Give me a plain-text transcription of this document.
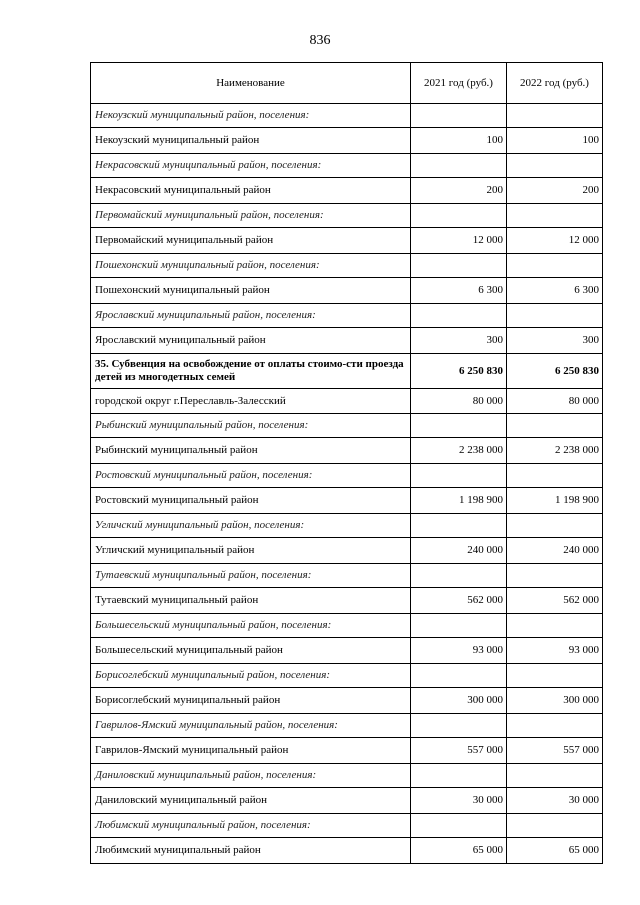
836
Наименование	2021 год (руб.)	2022 год (руб.)
Некоузский муниципальный район, поселения:		
Некоузский муниципальный район	100	100
Некрасовский муниципальный район, поселения:		
Некрасовский муниципальный район	200	200
Первомайский муниципальный район, поселения:		
Первомайский муниципальный район	12 000	12 000
Пошехонский муниципальный район, поселения:		
Пошехонский муниципальный район	6 300	6 300
Ярославский муниципальный район, поселения:		
Ярославский муниципальный район	300	300
35. Субвенция на освобождение от оплаты стоимо-сти проезда детей из многодетных семей	6 250 830	6 250 830
городской округ г.Переславль-Залесский	80 000	80 000
Рыбинский муниципальный район, поселения:		
Рыбинский муниципальный район	2 238 000	2 238 000
Ростовский муниципальный район, поселения:		
Ростовский муниципальный район	1 198 900	1 198 900
Угличский муниципальный район, поселения:		
Угличский муниципальный район	240 000	240 000
Тутаевский муниципальный район, поселения:		
Тутаевский муниципальный район	562 000	562 000
Большесельский муниципальный район, поселения:		
Большесельский муниципальный район	93 000	93 000
Борисоглебский муниципальный район, поселения:		
Борисоглебский муниципальный район	300 000	300 000
Гаврилов-Ямский муниципальный район, поселения:		
Гаврилов-Ямский муниципальный район	557 000	557 000
Даниловский муниципальный район, поселения:		
Даниловский муниципальный район	30 000	30 000
Любимский муниципальный район, поселения:		
Любимский муниципальный район	65 000	65 000
